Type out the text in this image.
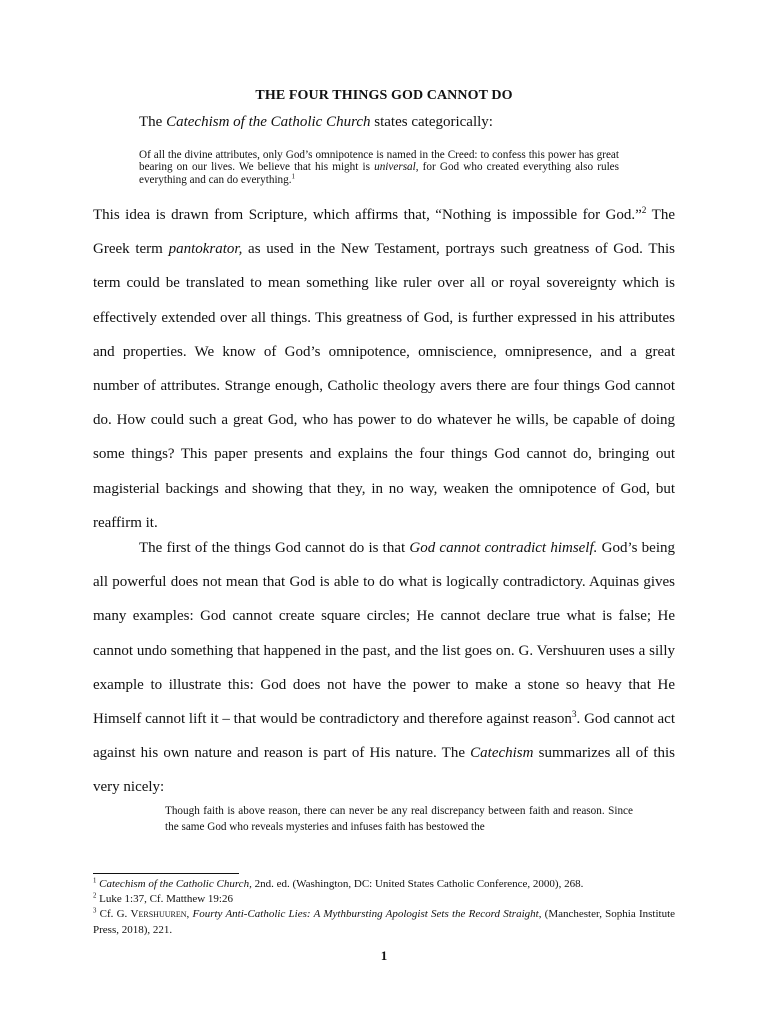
THE FOUR THINGS GOD CANNOT DO
The Catechism of the Catholic Church states categorically:
Of all the divine attributes, only God’s omnipotence is named in the Creed: to confess this power has great bearing on our lives. We believe that his might is universal, for God who created everything also rules everything and can do everything.$^1$
This idea is drawn from Scripture, which affirms that, “Nothing is impossible for God.”$^2$ The Greek term pantokrator, as used in the New Testament, portrays such greatness of God. This term could be translated to mean something like ruler over all or royal sovereignty which is effectively extended over all things. This greatness of God, is further expressed in his attributes and properties. We know of God’s omnipotence, omniscience, omnipresence, and a great number of attributes. Strange enough, Catholic theology avers there are four things God cannot do. How could such a great God, who has power to do whatever he wills, be capable of doing some things? This paper presents and explains the four things God cannot do, bringing out magisterial backings and showing that they, in no way, weaken the omnipotence of God, but reaffirm it.
The first of the things God cannot do is that God cannot contradict himself. God’s being all powerful does not mean that God is able to do what is logically contradictory. Aquinas gives many examples: God cannot create square circles; He cannot declare true what is false; He cannot undo something that happened in the past, and the list goes on. G. Vershuuren uses a silly example to illustrate this: God does not have the power to make a stone so heavy that He Himself cannot lift it – that would be contradictory and therefore against reason$^3$. God cannot act against his own nature and reason is part of His nature. The Catechism summarizes all of this very nicely:
Though faith is above reason, there can never be any real discrepancy between faith and reason. Since the same God who reveals mysteries and infuses faith has bestowed the
$^1$ Catechism of the Catholic Church, 2nd. ed. (Washington, DC: United States Catholic Conference, 2000), 268.
$^2$ Luke 1:37, Cf. Matthew 19:26
$^3$ Cf. G. Vershuuren, Fourty Anti-Catholic Lies: A Mythbursting Apologist Sets the Record Straight, (Manchester, Sophia Institute Press, 2018), 221.
1
